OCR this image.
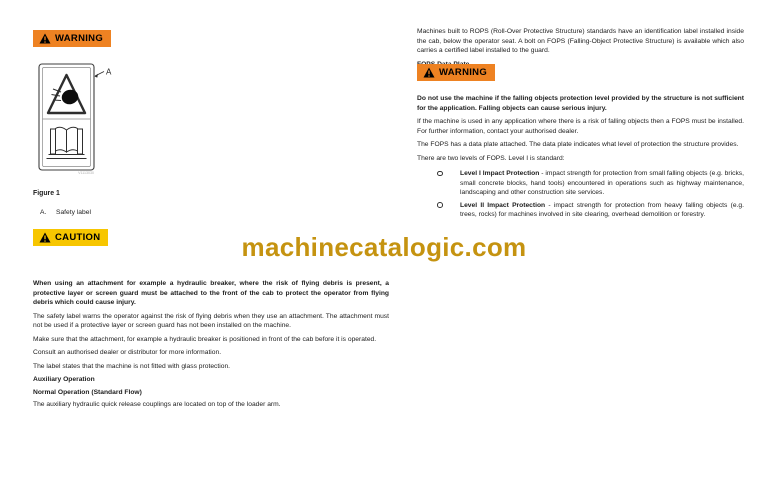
WARNING
A
V1113030
Figure 1
A.	Safety label
CAUTION

When using an attachment for example a hydraulic breaker, where the risk of flying debris is present, a protective layer or screen guard must be attached to the front of the cab to protect the operator from flying debris which could cause injury.

The safety label warns the operator against the risk of flying debris when they use an attachment. The attachment must not be used if a protective layer or screen guard has not been installed on the machine.

Make sure that the attachment, for example a hydraulic breaker is positioned in front of the cab before it is operated.

Consult an authorised dealer or distributor for more information.

The label states that the machine is not fitted with glass protection.

Auxiliary Operation

Normal Operation (Standard Flow)

The auxiliary hydraulic quick release couplings are located on top of the loader arm.

Machines built to ROPS (Roll-Over Protective Structure) standards have an identification label installed inside the cab, below the operator seat. A bolt on FOPS (Falling-Object Protective Structure) is available which also carries a certified label installed to the guard.

WARNING

Do not use the machine if the falling objects protection level provided by the structure is not sufficient for the application. Falling objects can cause serious injury.

If the machine is used in any application where there is a risk of falling objects then a FOPS must be installed. For further information, contact your authorised dealer.

The FOPS has a data plate attached. The data plate indicates what level of protection the structure provides.

There are two levels of FOPS. Level I is standard:

Level I Impact Protection - impact strength for protection from small falling objects (e.g. bricks, small concrete blocks, hand tools) encountered in operations such as highway maintenance, landscaping and other construction site services.
Level II Impact Protection - impact strength for protection from heavy falling objects (e.g. trees, rocks) for machines involved in site clearing, overhead demolition or forestry.
machinecatalogic.com
